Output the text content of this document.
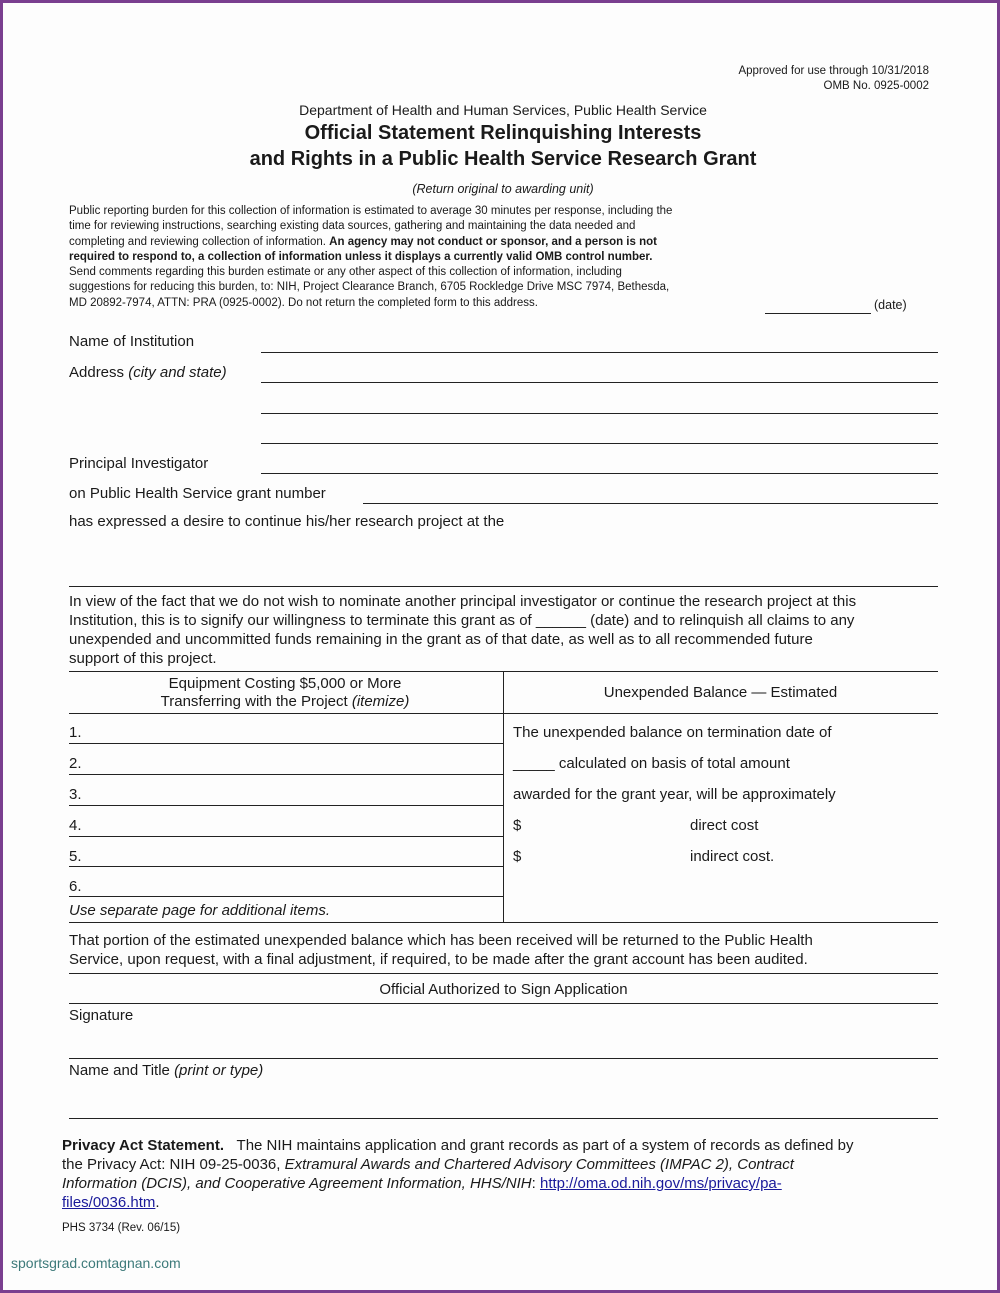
Approved for use through 10/31/2018
OMB No. 0925-0002
Department of Health and Human Services, Public Health Service
Official Statement Relinquishing Interests
and Rights in a Public Health Service Research Grant
(Return original to awarding unit)
Public reporting burden for this collection of information is estimated to average 30 minutes per response, including the
time for reviewing instructions, searching existing data sources, gathering and maintaining the data needed and
completing and reviewing collection of information. An agency may not conduct or sponsor, and a person is not
required to respond to, a collection of information unless it displays a currently valid OMB control number.
Send comments regarding this burden estimate or any other aspect of this collection of information, including
suggestions for reducing this burden, to: NIH, Project Clearance Branch, 6705 Rockledge Drive MSC 7974, Bethesda,
MD 20892-7974, ATTN: PRA (0925-0002). Do not return the completed form to this address.	(date)
Name of Institution
Address (city and state)
Principal Investigator
on Public Health Service grant number
has expressed a desire to continue his/her research project at the
In view of the fact that we do not wish to nominate another principal investigator or continue the research project at this
Institution, this is to signify our willingness to terminate this grant as of ______ (date) and to relinquish all claims to any
unexpended and uncommitted funds remaining in the grant as of that date, as well as to all recommended future
support of this project.
Equipment Costing $5,000 or More
Transferring with the Project (itemize)
Unexpended Balance — Estimated
1.
2.
3.
4.
5.
6.
Use separate page for additional items.
The unexpended balance on termination date of
_____ calculated on basis of total amount
awarded for the grant year, will be approximately
$	direct cost
$	indirect cost.
That portion of the estimated unexpended balance which has been received will be returned to the Public Health
Service, upon request, with a final adjustment, if required, to be made after the grant account has been audited.
Official Authorized to Sign Application
Signature
Name and Title (print or type)
Privacy Act Statement. The NIH maintains application and grant records as part of a system of records as defined by
the Privacy Act: NIH 09-25-0036, Extramural Awards and Chartered Advisory Committees (IMPAC 2), Contract
Information (DCIS), and Cooperative Agreement Information, HHS/NIH: http://oma.od.nih.gov/ms/privacy/pa-
files/0036.htm.
PHS 3734 (Rev. 06/15)
sportsgrad.comtagnan.com
